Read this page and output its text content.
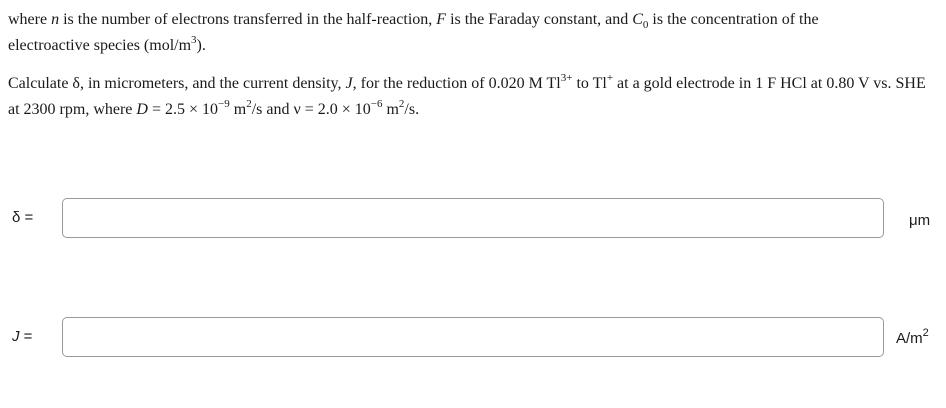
where n is the number of electrons transferred in the half-reaction, F is the Faraday constant, and $C_0$ is the concentration of the
electroactive species $(mol/m^3)$.

Calculate δ, in micrometers, and the current density, J, for the reduction of 0.020 M $Tl^{3+}$ to Tl+ at a gold electrode in 1 F HCl at 0.80 V vs. SHE at 2300 rpm, where $D = 2.5 \times 10^{-9}$ $m^2/s$ and $\nu = 2.0 \times 10^{-6}$ $m^2/s$.

δ =	μm
J =	$A/m^2$
